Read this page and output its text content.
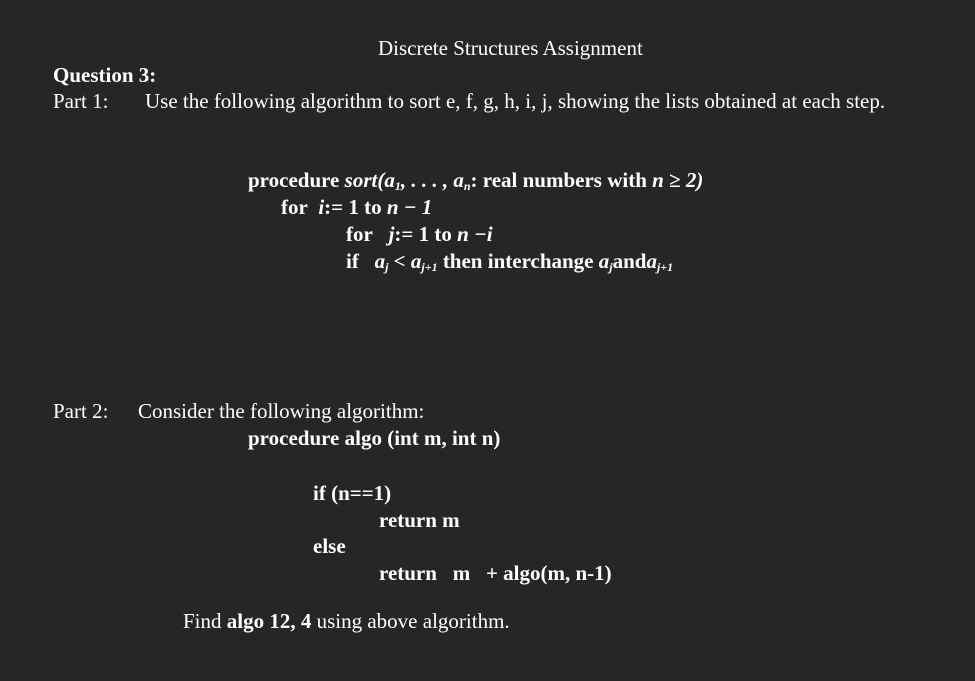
Discrete Structures Assignment
Question 3:
Part 1: Use the following algorithm to sort e, f, g, h, i, j, showing the lists obtained at each step.
procedure $sort(a_1$, . . . , $a_n$: real numbers with n ≥ 2)
for i:= 1 to n − 1
for j:= 1 to n −i
if $a_j < a_{j+1}$ then interchange $a_janda_{j+1}$
Part 2: Consider the following algorithm:
procedure algo (int m, int n)
if (n==1)
return m
else
return m + algo(m, n-1)
Find algo 12, 4 using above algorithm.
